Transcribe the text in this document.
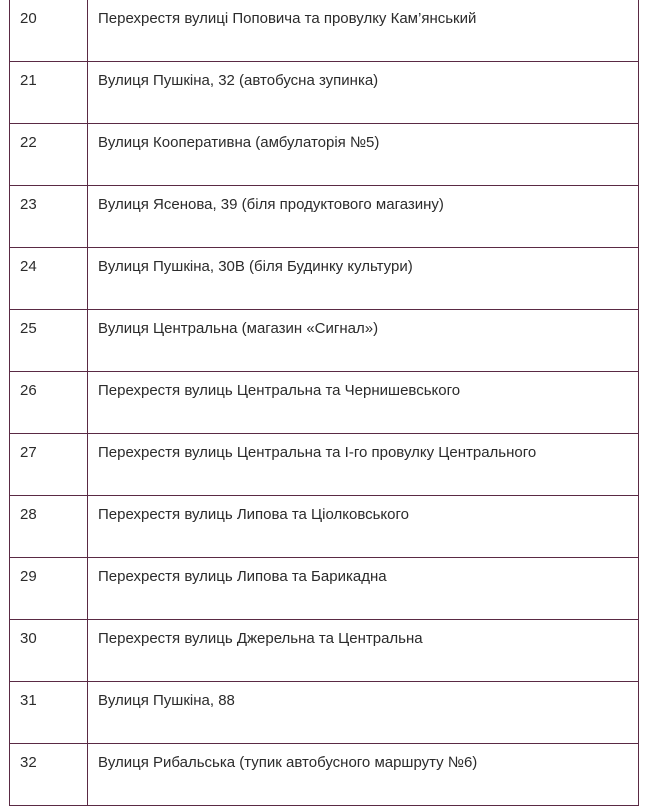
20	Перехрестя вулиці Поповича та провулку Кам’янський
21	Вулиця Пушкіна, 32 (автобусна зупинка)
22	Вулиця Кооперативна (амбулаторія №5)
23	Вулиця Ясенова, 39 (біля продуктового магазину)
24	Вулиця Пушкіна, 30В (біля Будинку культури)
25	Вулиця Центральна (магазин «Сигнал»)
26	Перехрестя вулиць Центральна та Чернишевського
27	Перехрестя вулиць Центральна та І-го провулку Центрального
28	Перехрестя вулиць Липова та Ціолковського
29	Перехрестя вулиць Липова та Барикадна
30	Перехрестя вулиць Джерельна та Центральна
31	Вулиця Пушкіна, 88
32	Вулиця Рибальська (тупик автобусного маршруту №6)
